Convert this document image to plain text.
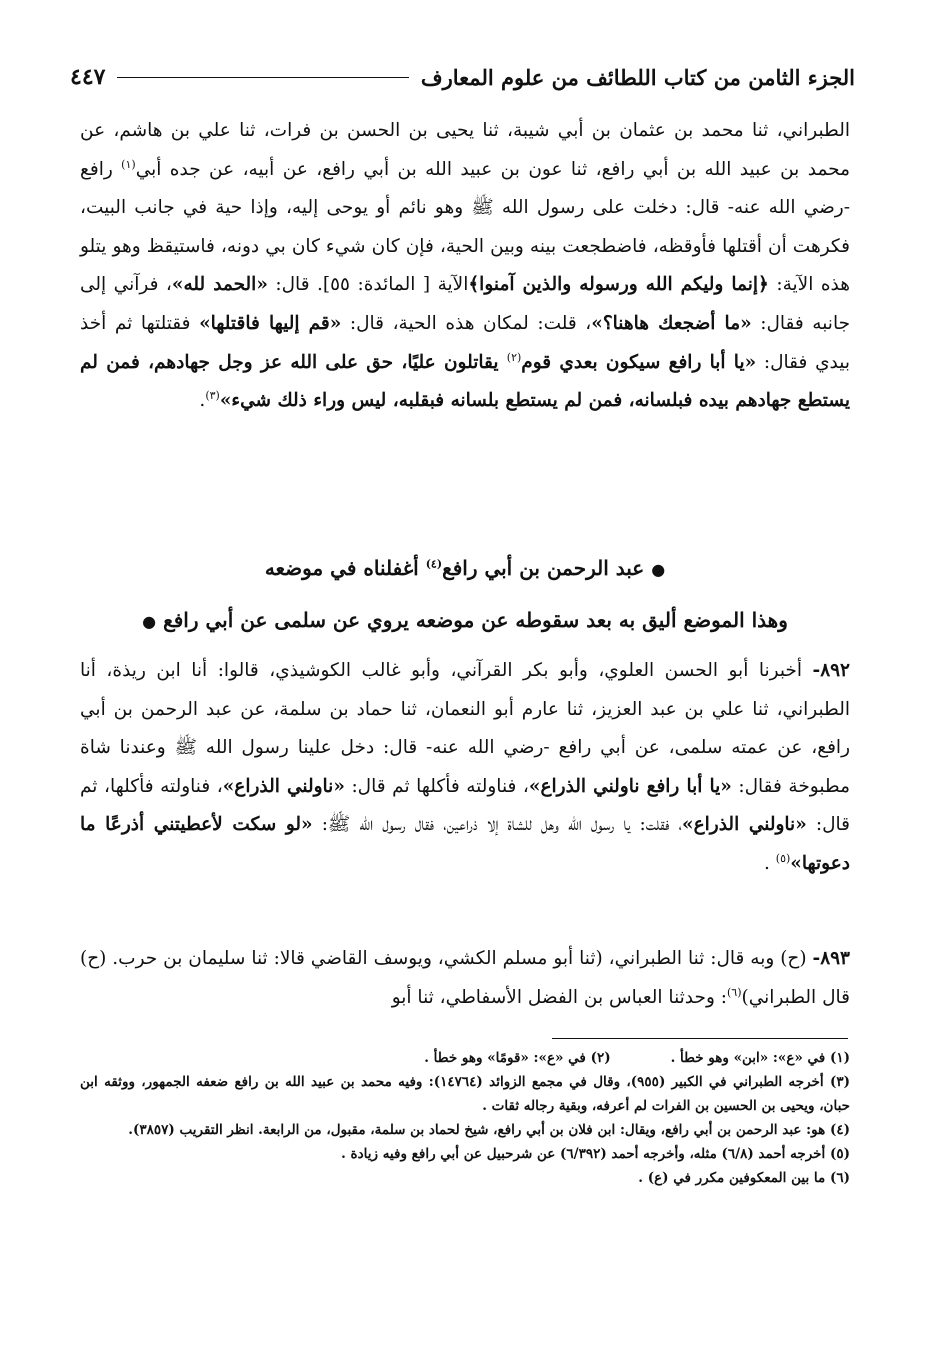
الجزء الثامن من كتاب اللطائف من علوم المعارف
٤٤٧

الطبراني، ثنا محمد بن عثمان بن أبي شيبة، ثنا يحيى بن الحسن بن فرات، ثنا علي بن هاشم، عن محمد بن عبيد الله بن أبي رافع، ثنا عون بن عبيد الله بن أبي رافع، عن أبيه، عن جده أبي$^{(١)}$ رافع -رضي الله عنه- قال: دخلت على رسول الله ﷺ وهو نائم أو يوحى إليه، وإذا حية في جانب البيت، فكرهت أن أقتلها فأوقظه، فاضطجعت بينه وبين الحية، فإن كان شيء كان بي دونه، فاستيقظ وهو يتلو هذه الآية: ﴿إنما وليكم الله ورسوله والذين آمنوا﴾الآية [ المائدة: ٥٥]. قال: «الحمد لله»، فرآني إلى جانبه فقال: «ما أضجعك هاهنا؟»، قلت: لمكان هذه الحية، قال: «قم إليها فاقتلها» فقتلتها ثم أخذ بيدي فقال: «يا أبا رافع سيكون بعدي قوم$^{(٢)}$ يقاتلون عليًا، حق على الله عز وجل جهادهم، فمن لم يستطع جهادهم بيده فبلسانه، فمن لم يستطع بلسانه فبقلبه، ليس وراء ذلك شيء»$^{(٣)}$.

● عبد الرحمن بن أبي رافع$^{(٤)}$ أغفلناه في موضعه
وهذا الموضع أليق به بعد سقوطه عن موضعه يروي عن سلمى عن أبي رافع ●

٨٩٢- أخبرنا أبو الحسن العلوي، وأبو بكر القرآني، وأبو غالب الكوشيذي، قالوا: أنا ابن ريذة، أنا الطبراني، ثنا علي بن عبد العزيز، ثنا عارم أبو النعمان، ثنا حماد بن سلمة، عن عبد الرحمن بن أبي رافع، عن عمته سلمى، عن أبي رافع -رضي الله عنه- قال: دخل علينا رسول الله ﷺ وعندنا شاة مطبوخة فقال: «يا أبا رافع ناولني الذراع»، فناولته فأكلها ثم قال: «ناولني الذراع»، فناولته فأكلها، ثم قال: «ناولني الذراع»، فقلت: يا رسول الله وهل للشاة إلا ذراعين، فقال رسول الله ﷺ: «لو سكت لأعطيتني أذرعًا ما دعوتها»$^{(٥)}$ .

٨٩٣- (ح) وبه قال: ثنا الطبراني، (ثنا أبو مسلم الكشي، ويوسف القاضي قالا: ثنا سليمان بن حرب. (ح) قال الطبراني)$^{(٦)}$: وحدثنا العباس بن الفضل الأسفاطي، ثنا أبو

(١) في «ع»: «ابن» وهو خطأ .
(٢) في «ع»: «قومًا» وهو خطأ .

(٣) أخرجه الطبراني في الكبير (٩٥٥)، وقال في مجمع الزوائد (١٤٧٦٤): وفيه محمد بن عبيد الله بن رافع ضعفه الجمهور، ووثقه ابن حبان، ويحيى بن الحسين بن الفرات لم أعرفه، وبقية رجاله ثقات .

(٤) هو: عبد الرحمن بن أبي رافع، ويقال: ابن فلان بن أبي رافع، شيخ لحماد بن سلمة، مقبول، من الرابعة. انظر التقريب (٣٨٥٧).

(٥) أخرجه أحمد (٦/٨) مثله، وأخرجه أحمد (٦/٣٩٢) عن شرحبيل عن أبي رافع وفيه زيادة .

(٦) ما بين المعكوفين مكرر في (ع) .
